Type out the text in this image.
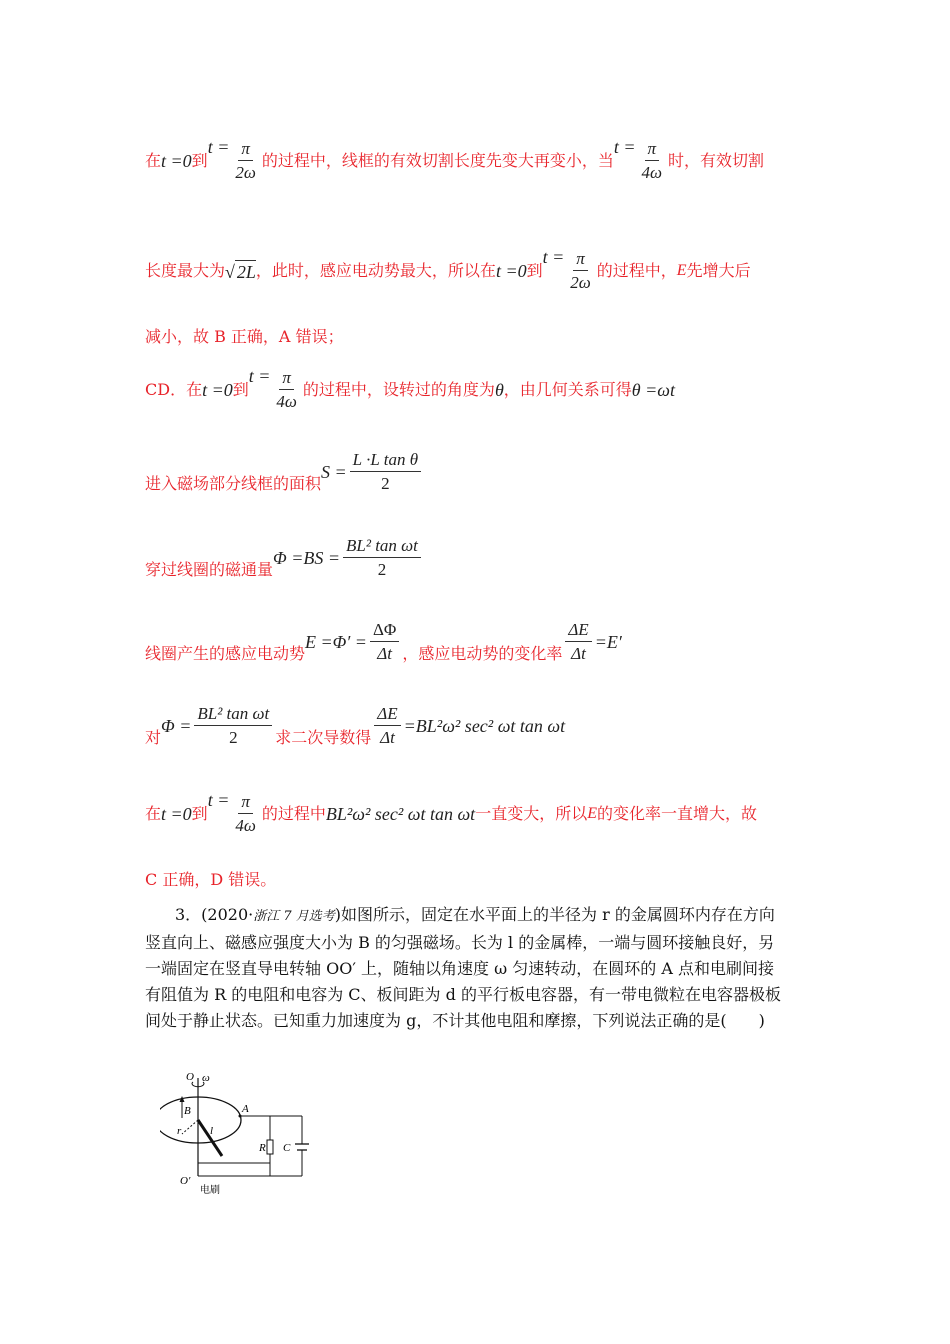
在 t =0 到
$t = \frac{\pi}{2\omega}$ 的过程中，线框的有效切割长度先变大再变小，当
$t = \frac{\pi}{4\omega}$ 时，有效切割
长度最大为 √ 2L ，此时，感应电动势最大，所以在 t =0 到
$t = \frac{\pi}{2\omega}$ 的过程中， E 先增大后
减小，故 B 正确，A 错误；
CD．在 t =0 到
$t = \frac{\pi}{4\omega}$ 的过程中，设转过的角度为 θ ，由几何关系可得 θ =ωt
进入磁场部分线框的面积
$S = \frac{\text{L ·L tan θ}}{2}$
穿过线圈的磁通量
$\Phi =BS = \frac{\text{BL² tan ωt}}{2}$
线圈产生的感应电动势
$E =\Phi' = \frac{\Delta\Phi}{\Delta t}$ ，感应电动势的变化率 $\frac{\Delta E}{\Delta t} =E'$
对
$\Phi = \frac{\text{BL² tan ωt}}{2}$ 求二次导数得 $\frac{\Delta E}{\Delta t} =BL^2\omega^2$ sec² ωt tan ωt
在 t =0 到
$t = \frac{\pi}{4\omega}$ 的过程中 BL²ω² sec² ωt tan ωt 一直变大，所以 E 的变化率一直增大，故
C 正确，D 错误。
3．(2020·浙江 7 月选考)如图所示，固定在水平面上的半径为 r 的金属圆环内存在方向
竖直向上、磁感应强度大小为 B 的匀强磁场。长为 l 的金属棒，一端与圆环接触良好，另
一端固定在竖直导电转轴 OO′ 上，随轴以角速度 ω 匀速转动，在圆环的 A 点和电刷间接
有阻值为 R 的电阻和电容为 C、板间距为 d 的平行板电容器，有一带电微粒在电容器极板
间处于静止状态。已知重力加速度为 g，不计其他电阻和摩擦，下列说法正确的是(　　)
O ω
B	A
r	l
R C
O′
电刷
